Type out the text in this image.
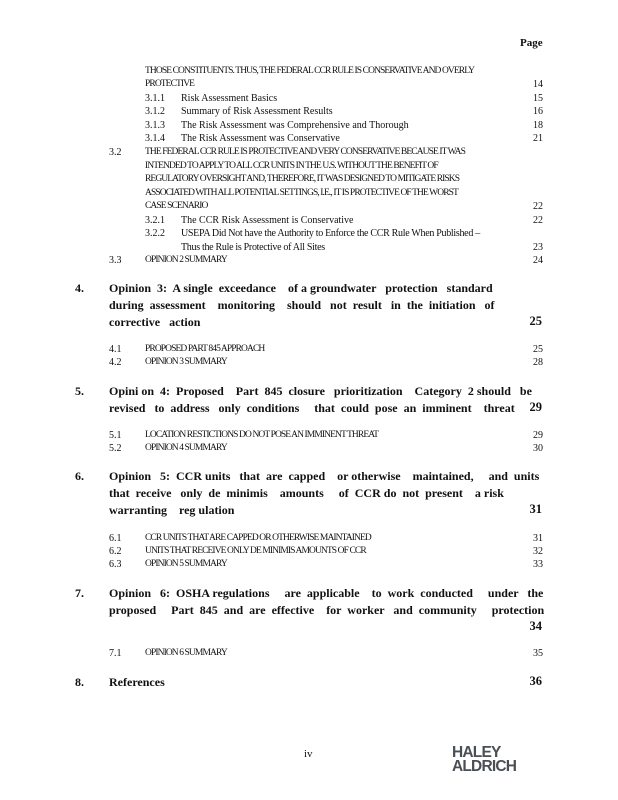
Page
THOSE CONSTITUENTS. THUS, THE FEDERAL CCR RULE IS CONSERVATIVE AND OVERLY
PROTECTIVE	14
3.1.1 Risk Assessment Basics	15
3.1.2 Summary of Risk Assessment Results	16
3.1.3 The Risk Assessment was Comprehensive and Thorough	18
3.1.4 The Risk Assessment was Conservative	21
3.2 THE FEDERAL CCR RULE IS PROTECTIVE AND VERY CONSERVATIVE BECAUSE IT WAS
INTENDED TO APPLY TO ALL CCR UNITS IN THE U.S. WITHOUT THE BENEFIT OF
REGULATORY OVERSIGHT AND, THEREFORE, IT WAS DESIGNED TO MITIGATE RISKS
ASSOCIATED WITH ALL POTENTIAL SETTINGS, I.E., IT IS PROTECTIVE OF THE WORST
CASE SCENARIO	22
3.2.1 The CCR Risk Assessment is Conservative	22
3.2.2 USEPA Did Not have the Authority to Enforce the CCR Rule When Published –
Thus the Rule is Protective of All Sites	23
3.3 OPINION 2 SUMMARY	24
4. Opinion  3:  A single  exceedance    of a groundwater   protection   standard
during  assessment    monitoring    should   not  result   in  the  initiation   of
corrective   action	25
4.1 PROPOSED PART 845 APPROACH	25
4.2 OPINION 3 SUMMARY	28
5. Opini on  4:  Proposed    Part  845  closure   prioritization    Category  2 should   be
revised   to  address   only  conditions     that  could  pose  an  imminent    threat 29
5.1 LOCATION RESTICTIONS DO NOT POSE AN IMMINENT THREAT	29
5.2 OPINION 4 SUMMARY	30
6. Opinion   5:  CCR units   that  are  capped    or otherwise    maintained,     and  units
that  receive   only  de  minimis    amounts     of  CCR do  not  present    a risk
warranting    reg ulation	31
6.1 CCR UNITS THAT ARE CAPPED OR OTHERWISE MAINTAINED	31
6.2 UNITS THAT RECEIVE ONLY DE MINIMIS AMOUNTS OF CCR	32
6.3 OPINION 5 SUMMARY	33
7. Opinion   6:  OSHA regulations     are  applicable    to  work  conducted     under   the
proposed     Part  845  and  are  effective    for  worker   and  community     protection
34
7.1 OPINION 6 SUMMARY	35
8. References	36
iv	HALEY
ALDRICH
